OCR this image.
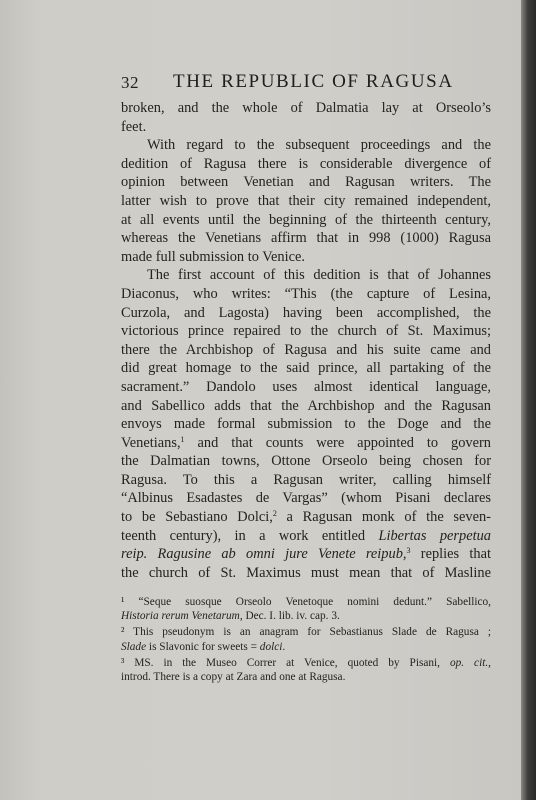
32 THE REPUBLIC OF RAGUSA
broken, and the whole of Dalmatia lay at Orseolo’s
feet.
With regard to the subsequent proceedings and the
dedition of Ragusa there is considerable divergence of
opinion between Venetian and Ragusan writers. The
latter wish to prove that their city remained independent,
at all events until the beginning of the thirteenth century,
whereas the Venetians affirm that in 998 (1000) Ragusa
made full submission to Venice.
The first account of this dedition is that of Johannes
Diaconus, who writes: “This (the capture of Lesina,
Curzola, and Lagosta) having been accomplished, the
victorious prince repaired to the church of St. Maximus;
there the Archbishop of Ragusa and his suite came and
did great homage to the said prince, all partaking of the
sacrament.” Dandolo uses almost identical language,
and Sabellico adds that the Archbishop and the Ragusan
envoys made formal submission to the Doge and the
Venetians,$^1$ and that counts were appointed to govern
the Dalmatian towns, Ottone Orseolo being chosen for
Ragusa. To this a Ragusan writer, calling himself
“Albinus Esadastes de Vargas” (whom Pisani declares
to be Sebastiano Dolci,$^2$ a Ragusan monk of the seven-
teenth century), in a work entitled Libertas perpetua
reip. Ragusine ab omni jure Venete reipub,$^3$ replies that
the church of St. Maximus must mean that of Masline
¹ “Seque suosque Orseolo Venetoque nomini dedunt.” Sabellico,
Historia rerum Venetarum, Dec. I. lib. iv. cap. 3.
² This pseudonym is an anagram for Sebastianus Slade de Ragusa ;
Slade is Slavonic for sweets = dolci.
³ MS. in the Museo Correr at Venice, quoted by Pisani, op. cit.,
introd. There is a copy at Zara and one at Ragusa.
